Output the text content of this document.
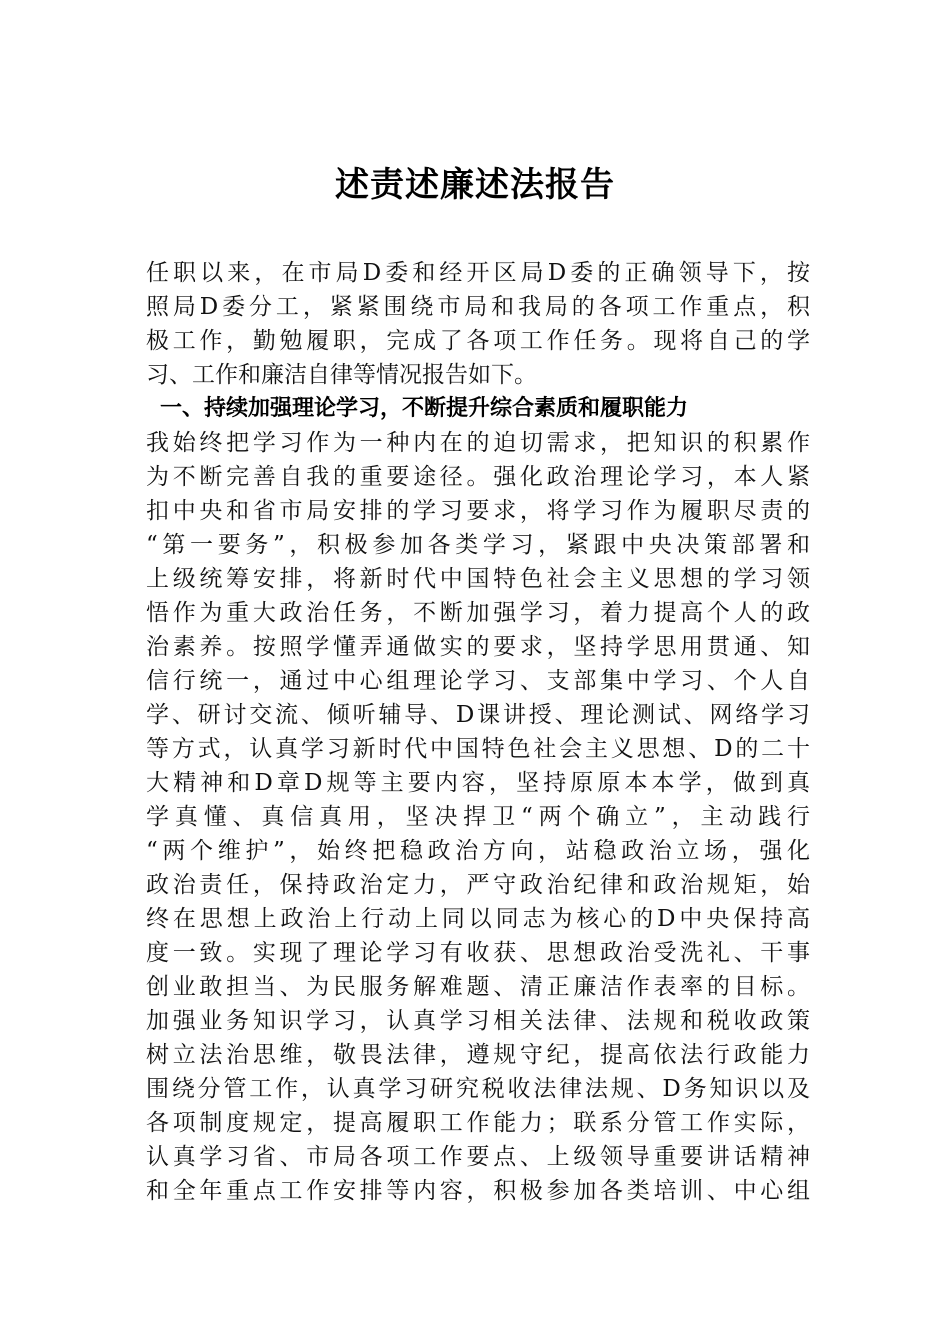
述责述廉述法报告
任职以来，在市局D委和经开区局D委的正确领导下，按
照局D委分工，紧紧围绕市局和我局的各项工作重点，积
极工作，勤勉履职，完成了各项工作任务。现将自己的学
习、工作和廉洁自律等情况报告如下。
一、持续加强理论学习，不断提升综合素质和履职能力
我始终把学习作为一种内在的迫切需求，把知识的积累作
为不断完善自我的重要途径。强化政治理论学习，本人紧
扣中央和省市局安排的学习要求，将学习作为履职尽责的
“第一要务”，积极参加各类学习，紧跟中央决策部署和
上级统筹安排，将新时代中国特色社会主义思想的学习领
悟作为重大政治任务，不断加强学习，着力提高个人的政
治素养。按照学懂弄通做实的要求，坚持学思用贯通、知
信行统一，通过中心组理论学习、支部集中学习、个人自
学、研讨交流、倾听辅导、D课讲授、理论测试、网络学习
等方式，认真学习新时代中国特色社会主义思想、D的二十
大精神和D章D规等主要内容，坚持原原本本学，做到真
学真懂、真信真用，坚决捍卫“两个确立”，主动践行
“两个维护”，始终把稳政治方向，站稳政治立场，强化
政治责任，保持政治定力，严守政治纪律和政治规矩，始
终在思想上政治上行动上同以同志为核心的D中央保持高
度一致。实现了理论学习有收获、思想政治受洗礼、干事
创业敢担当、为民服务解难题、清正廉洁作表率的目标。
加强业务知识学习，认真学习相关法律、法规和税收政策
树立法治思维，敬畏法律，遵规守纪，提高依法行政能力
围绕分管工作，认真学习研究税收法律法规、D务知识以及
各项制度规定，提高履职工作能力；联系分管工作实际，
认真学习省、市局各项工作要点、上级领导重要讲话精神
和全年重点工作安排等内容，积极参加各类培训、中心组
